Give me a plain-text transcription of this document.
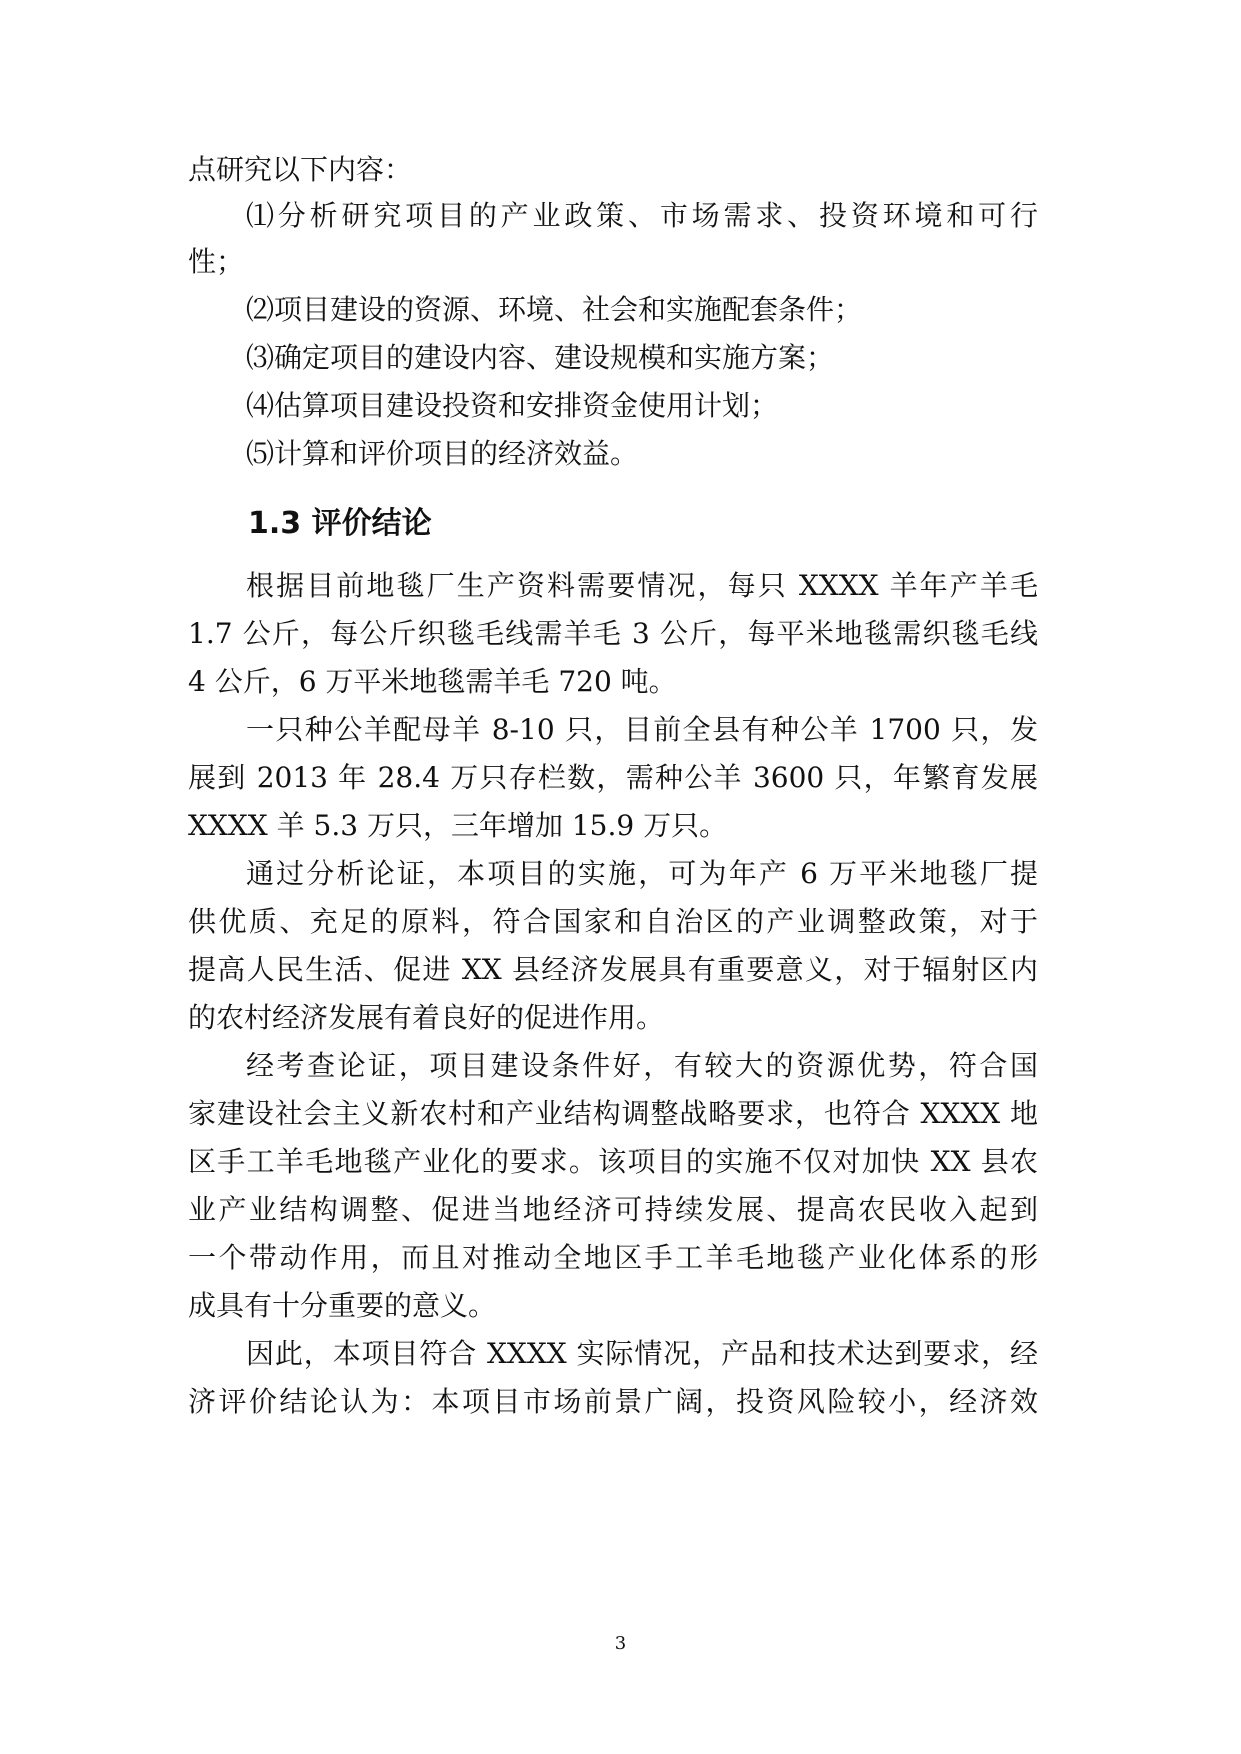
点研究以下内容：
⑴分析研究项目的产业政策、市场需求、投资环境和可行
性；
⑵项目建设的资源、环境、社会和实施配套条件；
⑶确定项目的建设内容、建设规模和实施方案；
⑷估算项目建设投资和安排资金使用计划；
⑸计算和评价项目的经济效益。
1.3 评价结论
根据目前地毯厂生产资料需要情况，每只 XXXX 羊年产羊毛
1.7 公斤，每公斤织毯毛线需羊毛 3 公斤，每平米地毯需织毯毛线
4 公斤，6 万平米地毯需羊毛 720 吨。
一只种公羊配母羊 8-10 只，目前全县有种公羊 1700 只，发
展到 2013 年 28.4 万只存栏数，需种公羊 3600 只，年繁育发展
XXXX 羊 5.3 万只，三年增加 15.9 万只。
通过分析论证，本项目的实施，可为年产 6 万平米地毯厂提
供优质、充足的原料，符合国家和自治区的产业调整政策，对于
提高人民生活、促进 XX 县经济发展具有重要意义，对于辐射区内
的农村经济发展有着良好的促进作用。
经考查论证，项目建设条件好，有较大的资源优势，符合国
家建设社会主义新农村和产业结构调整战略要求，也符合 XXXX 地
区手工羊毛地毯产业化的要求。该项目的实施不仅对加快 XX 县农
业产业结构调整、促进当地经济可持续发展、提高农民收入起到
一个带动作用，而且对推动全地区手工羊毛地毯产业化体系的形
成具有十分重要的意义。
因此，本项目符合 XXXX 实际情况，产品和技术达到要求，经
济评价结论认为：本项目市场前景广阔，投资风险较小，经济效
3
